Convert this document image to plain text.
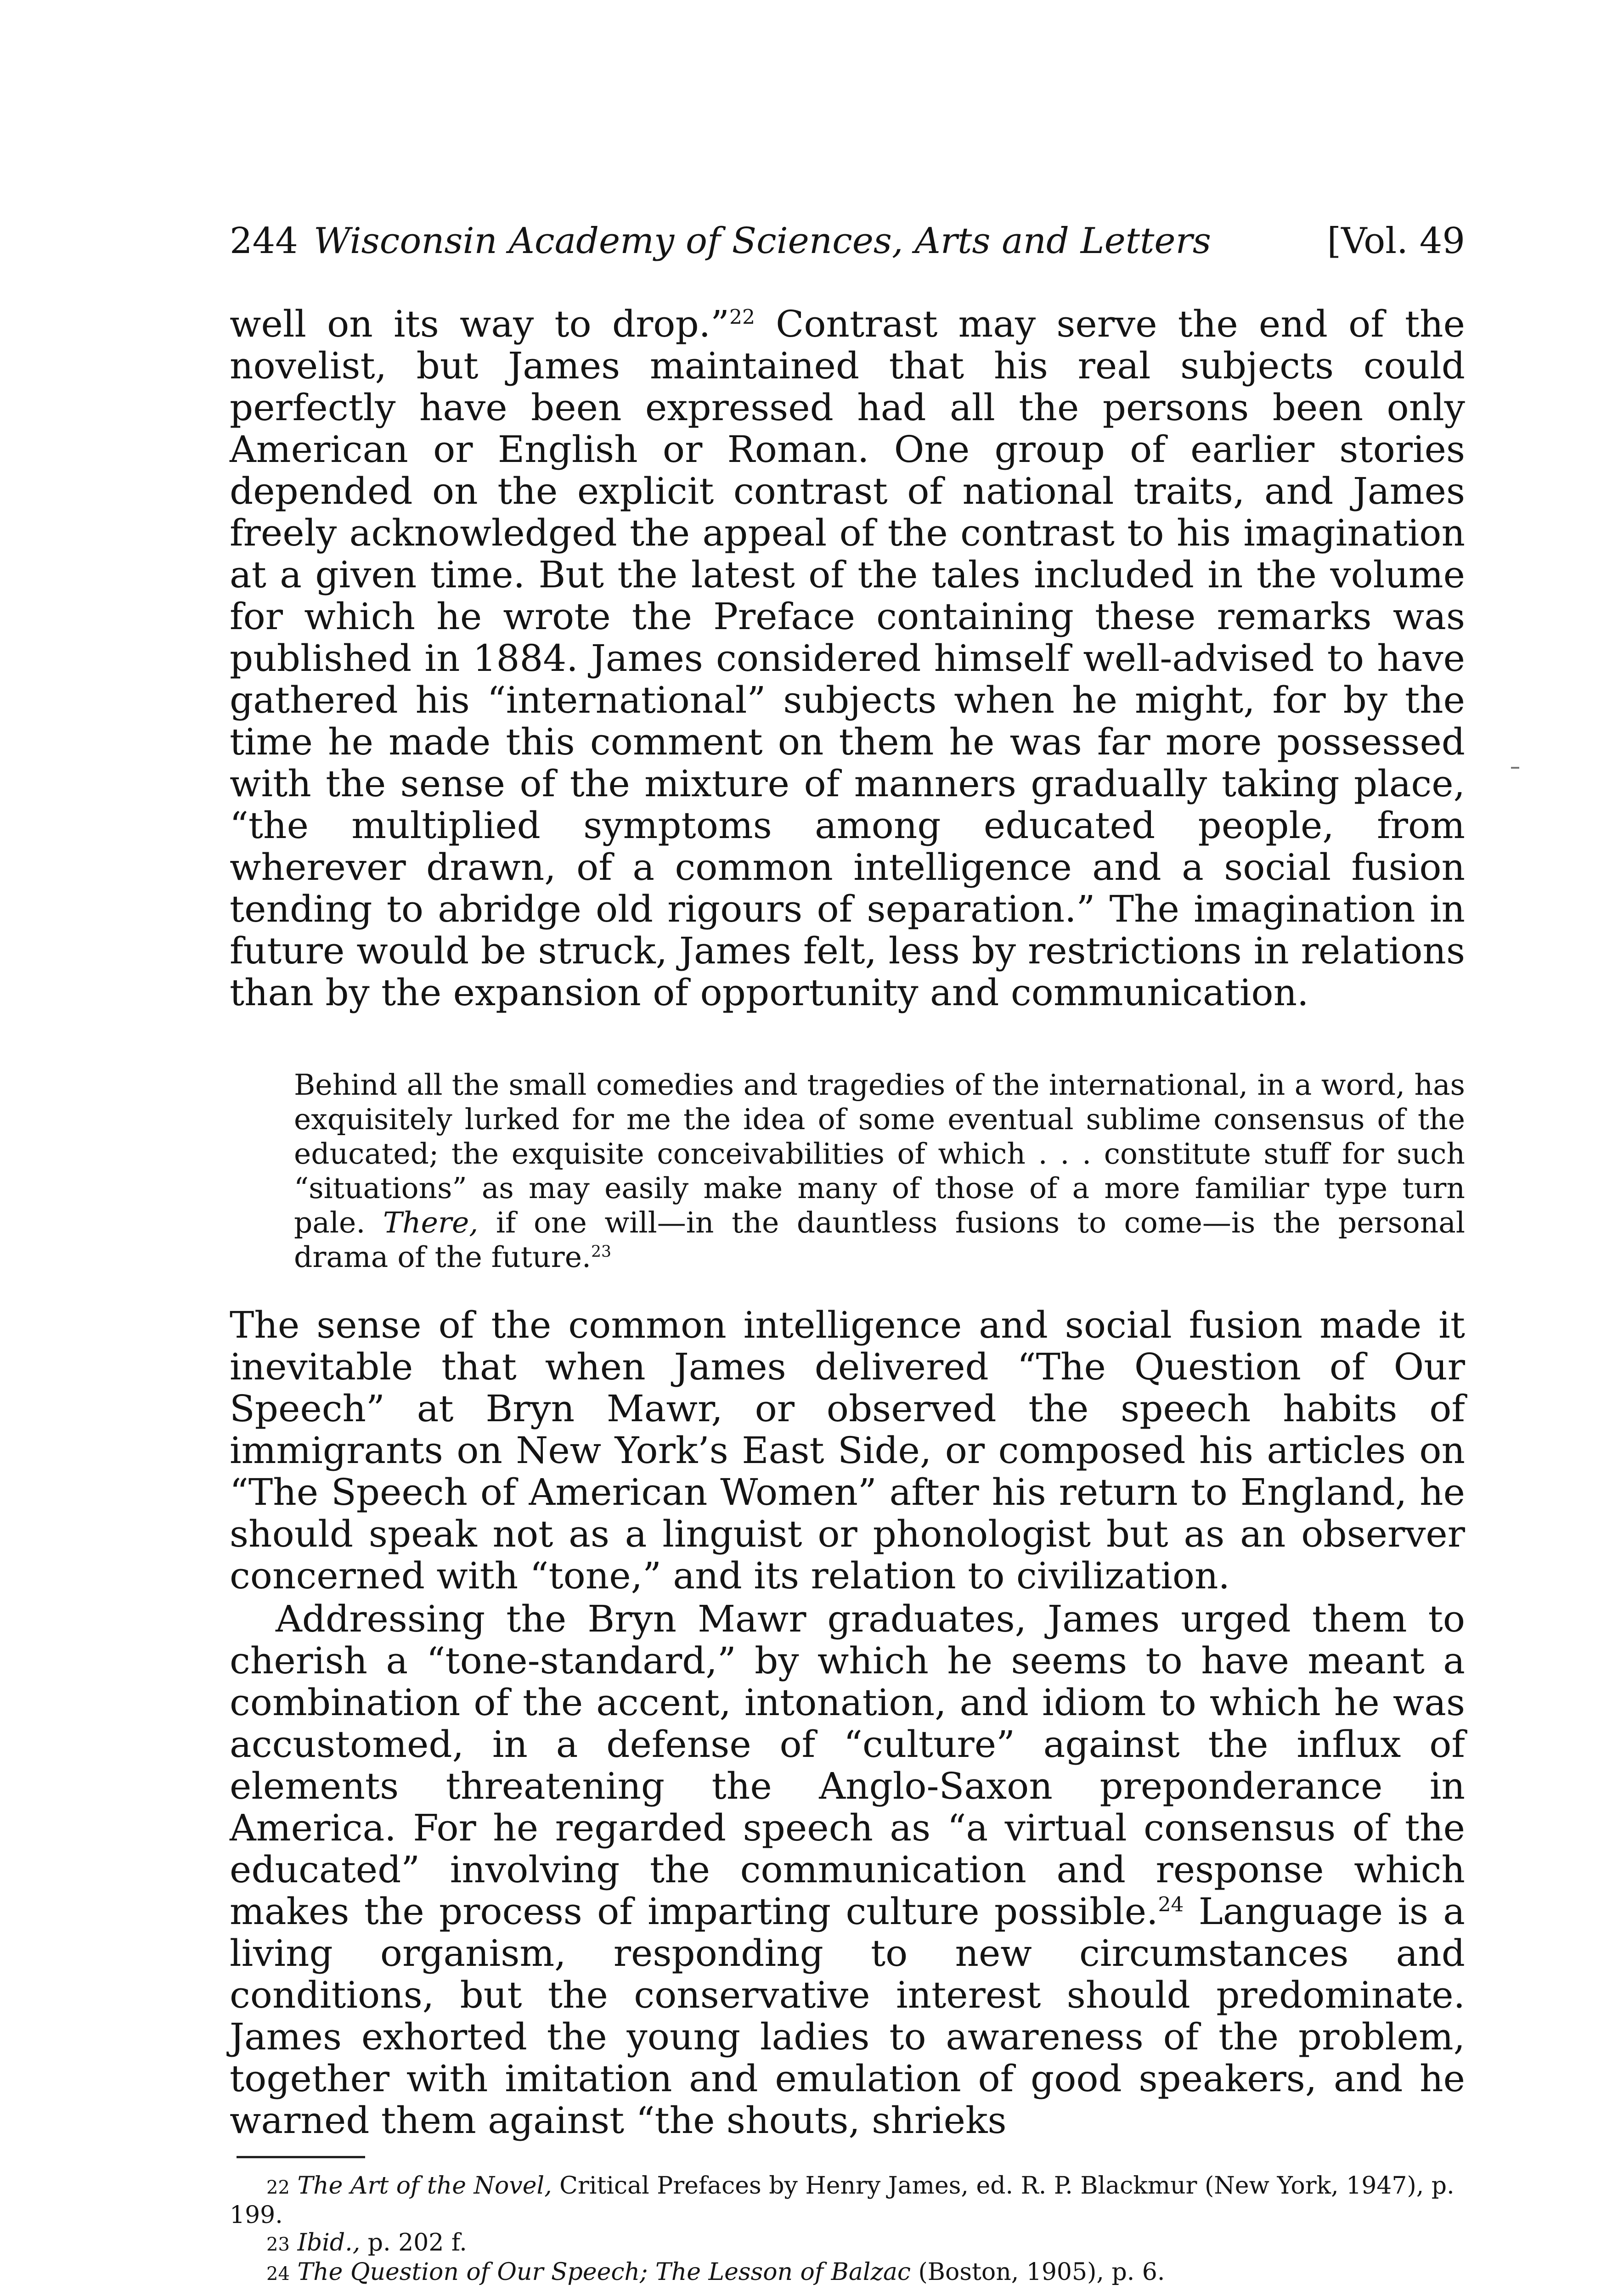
244 Wisconsin Academy of Sciences, Arts and Letters	[Vol. 49

well on its way to drop.”$^{22}$ Contrast may serve the end of the novelist, but James maintained that his real subjects could perfectly have been expressed had all the persons been only American or English or Roman. One group of earlier stories depended on the explicit contrast of national traits, and James freely acknowledged the appeal of the contrast to his imagination at a given time. But the latest of the tales included in the volume for which he wrote the Preface containing these remarks was published in 1884. James considered himself well-advised to have gathered his “international” subjects when he might, for by the time he made this comment on them he was far more possessed with the sense of the mixture of manners gradually taking place, “the multiplied symptoms among educated people, from wherever drawn, of a common intelligence and a social fusion tending to abridge old rigours of separation.” The imagination in future would be struck, James felt, less by restrictions in relations than by the expansion of opportunity and communication.

Behind all the small comedies and tragedies of the international, in a word, has exquisitely lurked for me the idea of some eventual sublime consensus of the educated; the exquisite conceivabilities of which . . . constitute stuff for such “situations” as may easily make many of those of a more familiar type turn pale. There, if one will—in the dauntless fusions to come—is the personal drama of the future.$^{23}$

The sense of the common intelligence and social fusion made it inevitable that when James delivered “The Question of Our Speech” at Bryn Mawr, or observed the speech habits of immigrants on New York’s East Side, or composed his articles on “The Speech of American Women” after his return to England, he should speak not as a linguist or phonologist but as an observer concerned with “tone,” and its relation to civilization.

Addressing the Bryn Mawr graduates, James urged them to cherish a “tone-standard,” by which he seems to have meant a combination of the accent, intonation, and idiom to which he was accustomed, in a defense of “culture” against the influx of elements threatening the Anglo-Saxon preponderance in America. For he regarded speech as “a virtual consensus of the educated” involving the communication and response which makes the process of imparting culture possible.$^{24}$ Language is a living organism, responding to new circumstances and conditions, but the conservative interest should predominate. James exhorted the young ladies to awareness of the problem, together with imitation and emulation of good speakers, and he warned them against “the shouts, shrieks

22 The Art of the Novel, Critical Prefaces by Henry James, ed. R. P. Blackmur (New York, 1947), p. 199.

23 Ibid., p. 202 f.

24 The Question of Our Speech; The Lesson of Balzac (Boston, 1905), p. 6.
